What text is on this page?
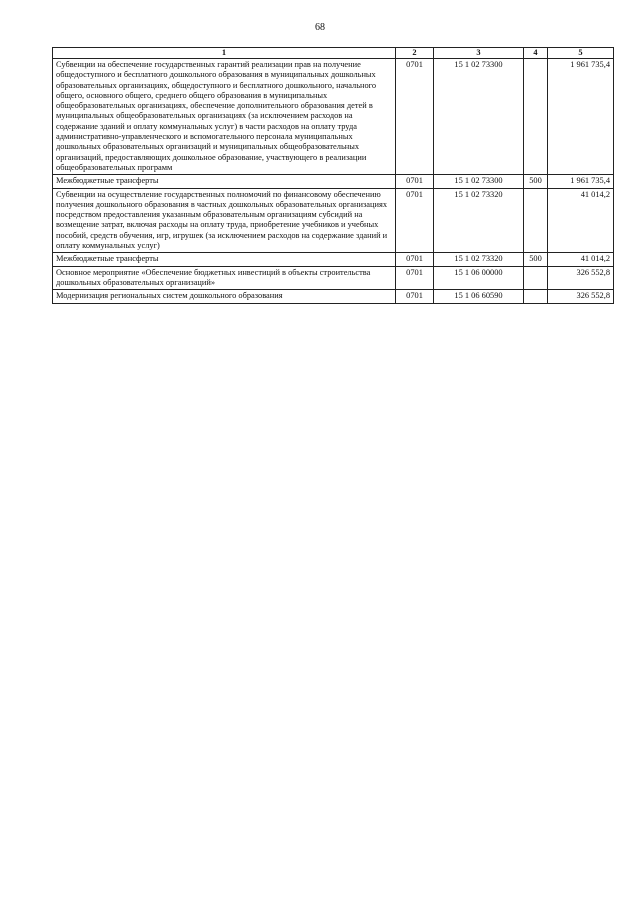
68
1	2	3	4	5
Субвенции на обеспечение государственных гарантий реализации прав на получение общедоступного и бесплатного дошкольного образования в муниципальных дошкольных образовательных организациях, общедоступного и бесплатного дошкольного, начального общего, основного общего, среднего общего образования в муниципальных общеобразовательных организациях, обеспечение дополнительного образования детей в муниципальных общеобразовательных организациях (за исключением расходов на содержание зданий и оплату коммунальных услуг) в части расходов на оплату труда административно-управленческого и вспомогательного персонала муниципальных дошкольных образовательных организаций и муниципальных общеобразовательных организаций, предоставляющих дошкольное образование, участвующего в реализации общеобразовательных программ	0701	15 1 02 73300		1 961 735,4
Межбюджетные трансферты	0701	15 1 02 73300	500	1 961 735,4
Субвенции на осуществление государственных полномочий по финансовому обеспечению получения дошкольного образования в частных дошкольных образовательных организациях посредством предоставления указанным образовательным организациям субсидий на возмещение затрат, включая расходы на оплату труда, приобретение учебников и учебных пособий, средств обучения, игр, игрушек (за исключением расходов на содержание зданий и оплату коммунальных услуг)	0701	15 1 02 73320		41 014,2
Межбюджетные трансферты	0701	15 1 02 73320	500	41 014,2
Основное мероприятие «Обеспечение бюджетных инвестиций в объекты строительства дошкольных образовательных организаций»	0701	15 1 06 00000		326 552,8
Модернизация региональных систем дошкольного образования	0701	15 1 06 60590		326 552,8
